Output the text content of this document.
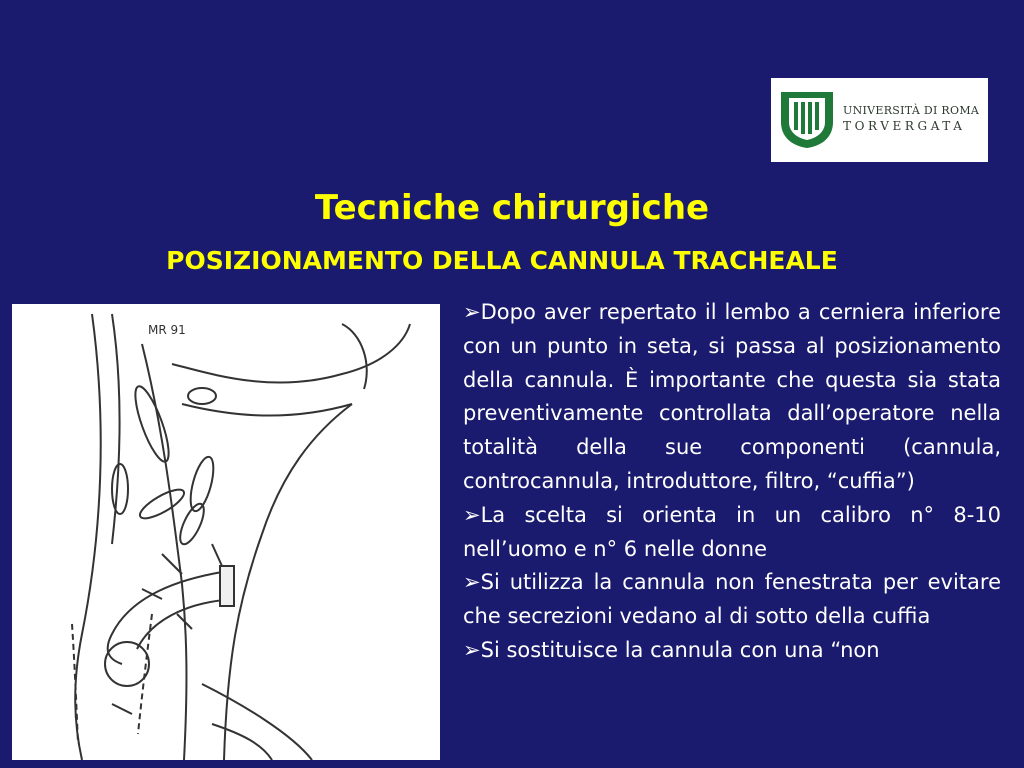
UNIVERSITÀ DI ROMA
TORVERGATA
Tecniche chirurgiche
POSIZIONAMENTO DELLA CANNULA TRACHEALE
MR 91

➢Dopo aver repertato il lembo a cerniera inferiore con un punto in seta, si passa al posizionamento della cannula. È importante che questa sia stata preventivamente controllata dall’operatore nella totalità della sue componenti (cannula, controcannula, introduttore, filtro, “cuffia”)

➢La scelta si orienta in un calibro n° 8-10 nell’uomo e n° 6 nelle donne

➢Si utilizza la cannula non fenestrata per evitare che secrezioni vedano al di sotto della cuffia

➢Si sostituisce la cannula con una “non
